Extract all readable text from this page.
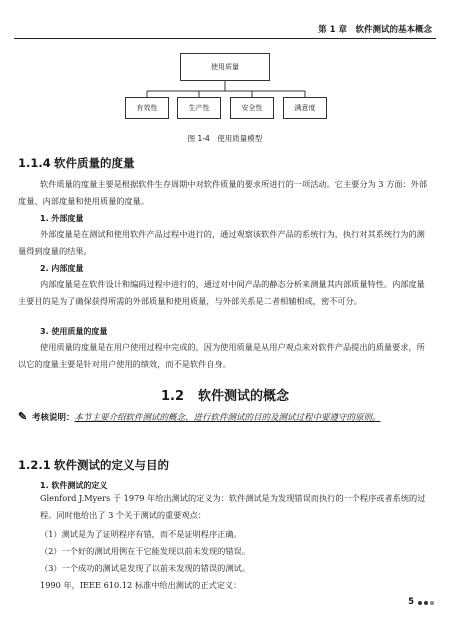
第 1 章　软件测试的基本概念
使用质量
有效性	生产性	安全性	满意度
图 1-4　使用质量模型
1.1.4 软件质量的度量
软件质量的度量主要是根据软件生存周期中对软件质量的要求所进行的一项活动。它主要分为 3 方面：外部度量、内部度量和使用质量的度量。
1. 外部度量
外部度量是在测试和使用软件产品过程中进行的，通过观察该软件产品的系统行为，执行对其系统行为的测量得到度量的结果。
2. 内部度量
内部度量是在软件设计和编码过程中进行的，通过对中间产品的静态分析来测量其内部质量特性。内部度量主要目的是为了确保获得所需的外部质量和使用质量，与外部关系是二者相辅相成，密不可分。
3. 使用质量的度量
使用质量的度量是在用户使用过程中完成的，因为使用质量是从用户观点来对软件产品提出的质量要求，所以它的度量主要是针对用户使用的绩效，而不是软件自身。
1.2 软件测试的概念
✎ 考核说明：本节主要介绍软件测试的概念、进行软件测试的目的及测试过程中要遵守的原则。
1.2.1 软件测试的定义与目的
1. 软件测试的定义
Glenford J.Myers 于 1979 年给出测试的定义为：软件测试是为发现错误而执行的一个程序或者系统的过程。同时他给出了 3 个关于测试的重要观点：
（1）测试是为了证明程序有错，而不是证明程序正确。
（2）一个好的测试用例在于它能发现以前未发现的错误。
（3）一个成功的测试是发现了以前未发现的错误的测试。
1990 年，IEEE 610.12 标准中给出测试的正式定义：
5
